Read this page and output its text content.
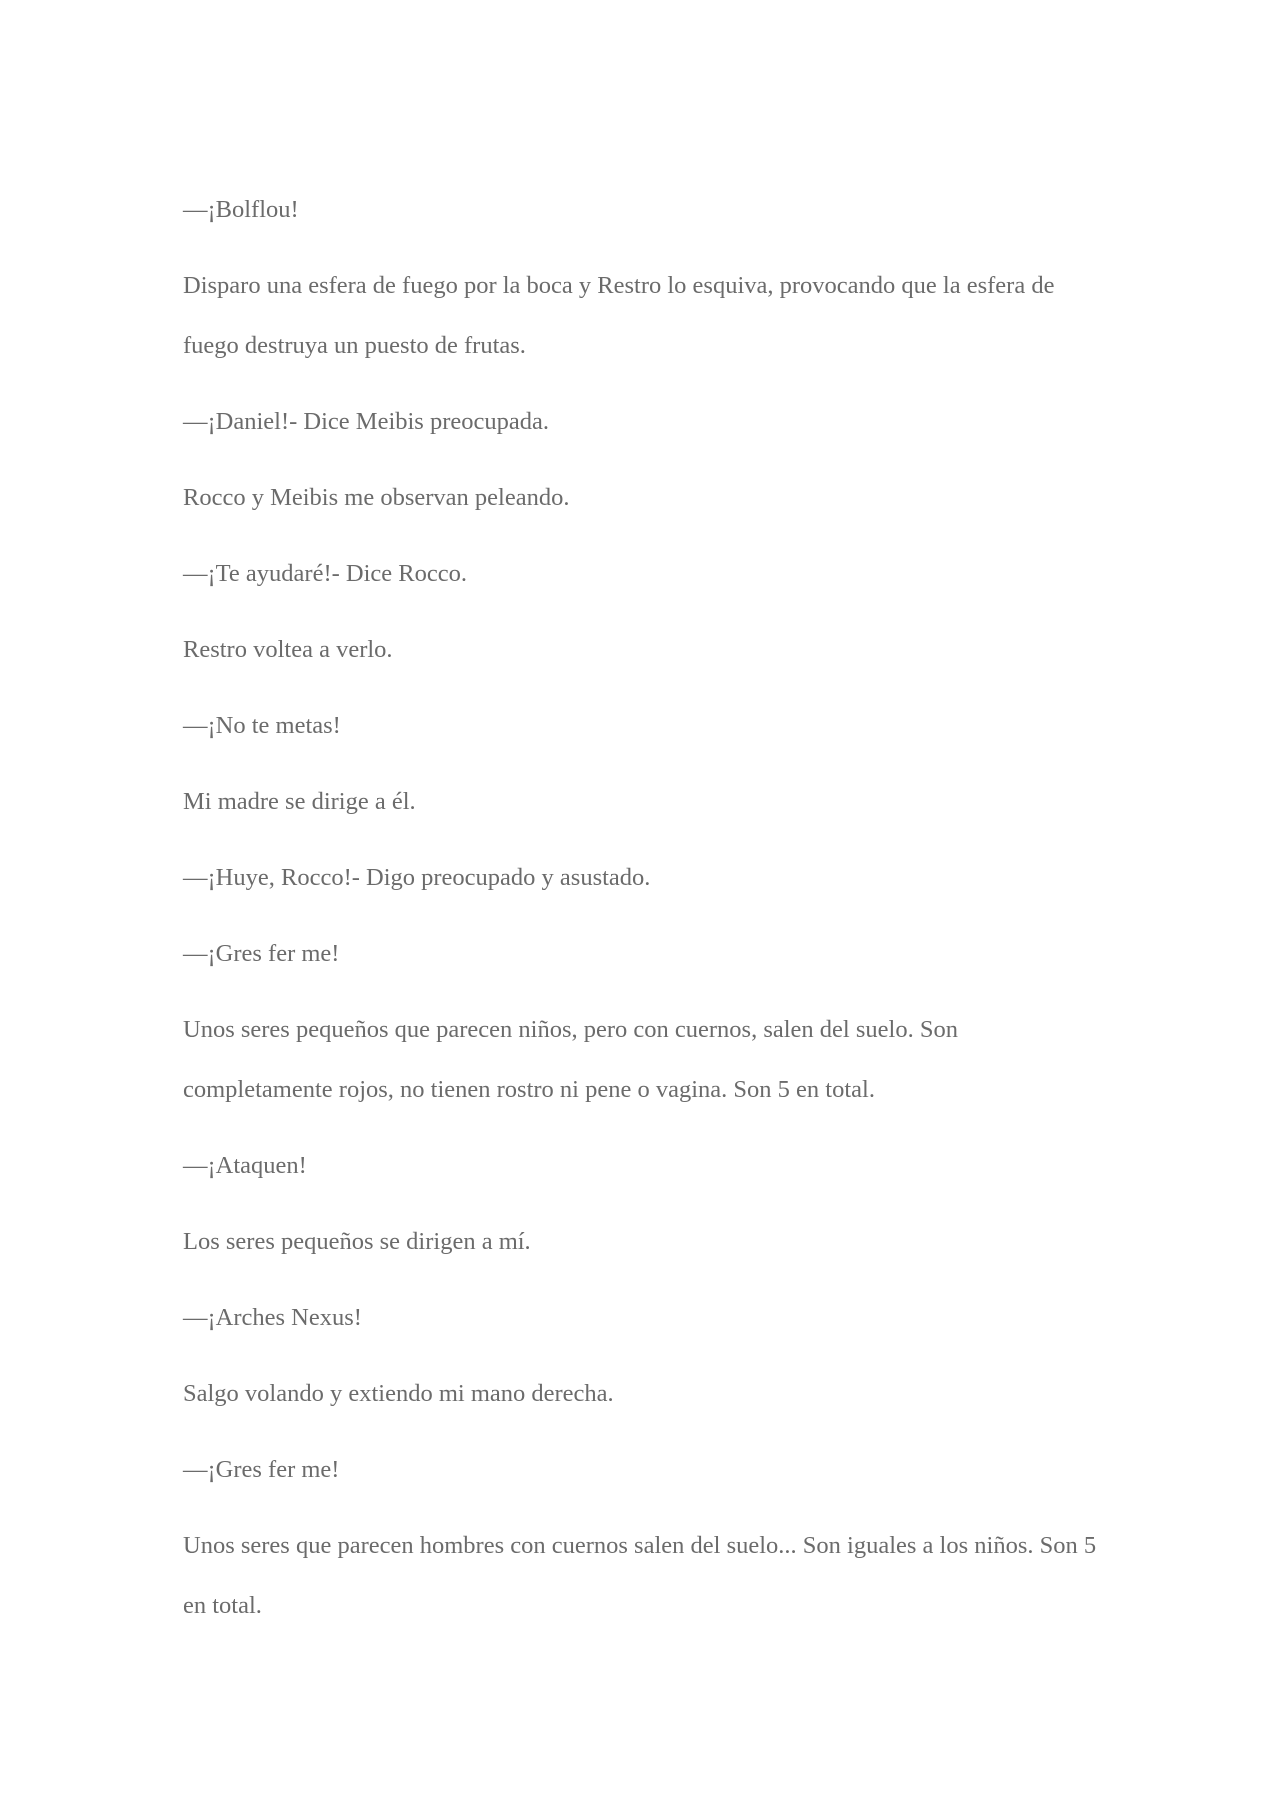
—¡Bolflou!

Disparo una esfera de fuego por la boca y Restro lo esquiva, provocando que la esfera de fuego destruya un puesto de frutas.

—¡Daniel!- Dice Meibis preocupada.

Rocco y Meibis me observan peleando.

—¡Te ayudaré!- Dice Rocco.

Restro voltea a verlo.

—¡No te metas!

Mi madre se dirige a él.

—¡Huye, Rocco!- Digo preocupado y asustado.

—¡Gres fer me!

Unos seres pequeños que parecen niños, pero con cuernos, salen del suelo. Son completamente rojos, no tienen rostro ni pene o vagina. Son 5 en total.

—¡Ataquen!

Los seres pequeños se dirigen a mí.

—¡Arches Nexus!

Salgo volando y extiendo mi mano derecha.

—¡Gres fer me!

Unos seres que parecen hombres con cuernos salen del suelo... Son iguales a los niños. Son 5 en total.
